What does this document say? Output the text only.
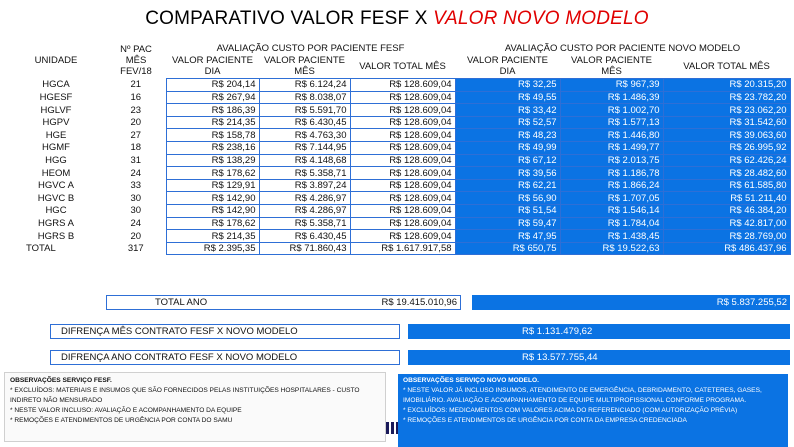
COMPARATIVO VALOR FESF X VALOR NOVO MODELO
UNIDADE	Nº PAC MÊS FEV/18	AVALIAÇÃO CUSTO POR PACIENTE FESF			AVALIAÇÃO CUSTO POR PACIENTE NOVO MODELO		
		VALOR PACIENTE DIA	VALOR PACIENTE MÊS	VALOR TOTAL MÊS	VALOR PACIENTE DIA	VALOR PACIENTE MÊS	VALOR TOTAL MÊS
HGCA	21	R$ 204,14	R$ 6.124,24	R$ 128.609,04	R$ 32,25	R$ 967,39	R$ 20.315,20
HGESF	16	R$ 267,94	R$ 8.038,07	R$ 128.609,04	R$ 49,55	R$ 1.486,39	R$ 23.782,20
HGLVF	23	R$ 186,39	R$ 5.591,70	R$ 128.609,04	R$ 33,42	R$ 1.002,70	R$ 23.062,20
HGPV	20	R$ 214,35	R$ 6.430,45	R$ 128.609,04	R$ 52,57	R$ 1.577,13	R$ 31.542,60
HGE	27	R$ 158,78	R$ 4.763,30	R$ 128.609,04	R$ 48,23	R$ 1.446,80	R$ 39.063,60
HGMF	18	R$ 238,16	R$ 7.144,95	R$ 128.609,04	R$ 49,99	R$ 1.499,77	R$ 26.995,92
HGG	31	R$ 138,29	R$ 4.148,68	R$ 128.609,04	R$ 67,12	R$ 2.013,75	R$ 62.426,24
HEOM	24	R$ 178,62	R$ 5.358,71	R$ 128.609,04	R$ 39,56	R$ 1.186,78	R$ 28.482,60
HGVC A	33	R$ 129,91	R$ 3.897,24	R$ 128.609,04	R$ 62,21	R$ 1.866,24	R$ 61.585,80
HGVC B	30	R$ 142,90	R$ 4.286,97	R$ 128.609,04	R$ 56,90	R$ 1.707,05	R$ 51.211,40
HGC	30	R$ 142,90	R$ 4.286,97	R$ 128.609,04	R$ 51,54	R$ 1.546,14	R$ 46.384,20
HGRS A	24	R$ 178,62	R$ 5.358,71	R$ 128.609,04	R$ 59,47	R$ 1.784,04	R$ 42.817,00
HGRS B	20	R$ 214,35	R$ 6.430,45	R$ 128.609,04	R$ 47,95	R$ 1.438,45	R$ 28.769,00
TOTAL	317	R$ 2.395,35	R$ 71.860,43	R$ 1.617.917,58	R$ 650,75	R$ 19.522,63	R$ 486.437,96
TOTAL ANO	R$ 19.415.010,96	R$ 5.837.255,52
DIFRENÇA MÊS CONTRATO FESF X NOVO MODELO	R$ 1.131.479,62
DIFRENÇA ANO CONTRATO FESF X NOVO MODELO	R$ 13.577.755,44
OBSERVAÇÕES SERVIÇO FESF.
* EXCLUÍDOS: MATERIAIS E INSUMOS QUE SÃO FORNECIDOS PELAS INSTITUIÇÕES HOSPITALARES - CUSTO INDIRETO NÃO MENSURADO
* NESTE VALOR INCLUSO: AVALIAÇÃO E ACOMPANHAMENTO DA EQUIPE
* REMOÇÕES E ATENDIMENTOS DE URGÊNCIA POR CONTA DO SAMU
OBSERVAÇÕES SERVIÇO NOVO MODELO.
* NESTE VALOR JÁ INCLUSO INSUMOS, ATENDIMENTO DE EMERGÊNCIA, DEBRIDAMENTO, CATETERES, GASES, IMOBILIÁRIO. AVALIAÇÃO E ACOMPANHAMENTO DE EQUIPE MULTIPROFISSIONAL CONFORME PROGRAMA.
* EXCLUÍDOS: MEDICAMENTOS COM VALORES ACIMA DO REFERENCIADO (COM AUTORIZAÇÃO PRÉVIA)
* REMOÇÕES E ATENDIMENTOS DE URGÊNCIA POR CONTA DA EMPRESA CREDENCIADA
